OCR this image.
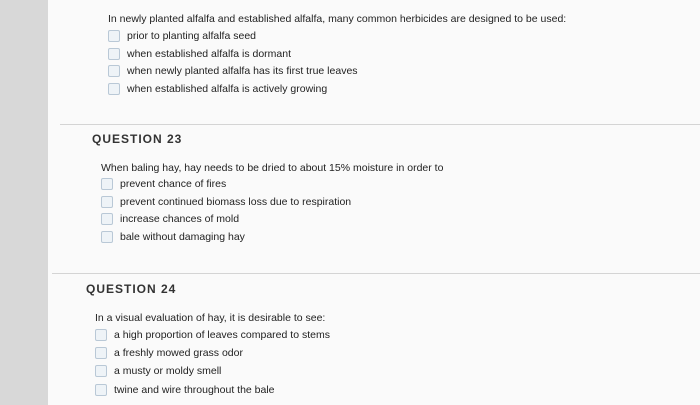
In newly planted alfalfa and established alfalfa, many common herbicides are designed to be used:
prior to planting alfalfa seed
when established alfalfa is dormant
when newly planted alfalfa has its first true leaves
when established alfalfa is actively growing
QUESTION 23
When baling hay, hay needs to be dried to about 15% moisture in order to
prevent chance of fires
prevent continued biomass loss due to respiration
increase chances of mold
bale without damaging hay
QUESTION 24
In a visual evaluation of hay, it is desirable to see:
a high proportion of leaves compared to stems
a freshly mowed grass odor
a musty or moldy smell
twine and wire throughout the bale
